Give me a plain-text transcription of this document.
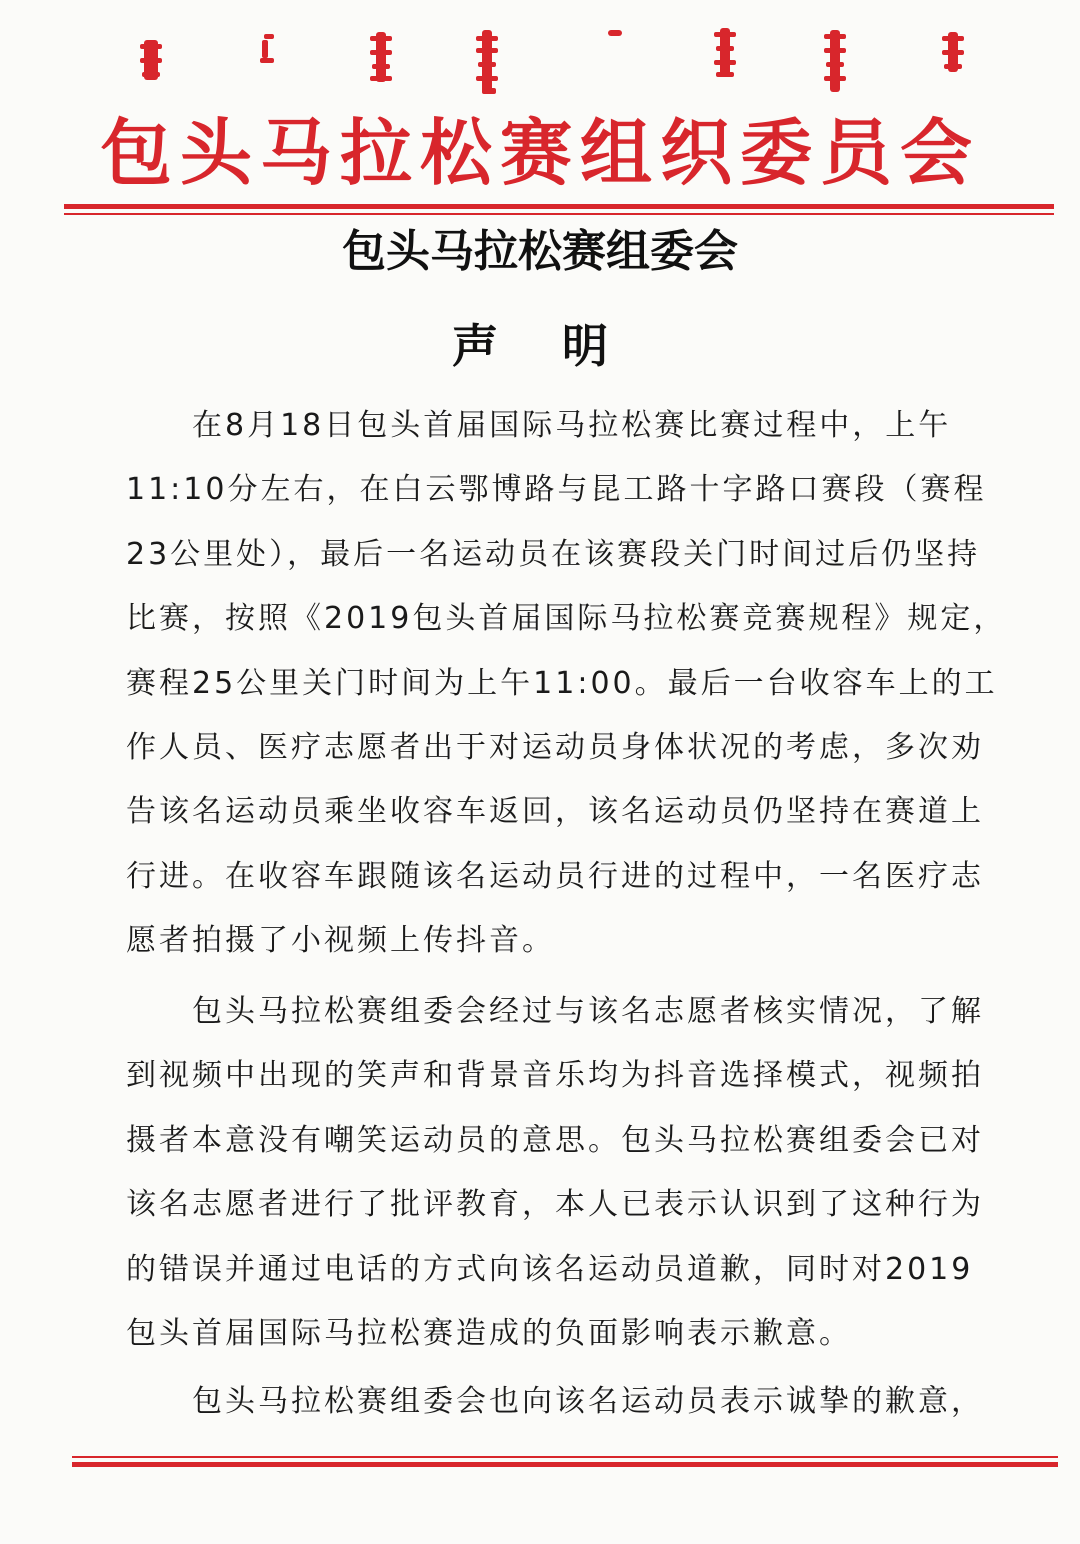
包头马拉松赛组织委员会
包头马拉松赛组委会
声明
在8月18日包头首届国际马拉松赛比赛过程中，上午
11:10分左右，在白云鄂博路与昆工路十字路口赛段（赛程
23公里处），最后一名运动员在该赛段关门时间过后仍坚持
比赛，按照《2019包头首届国际马拉松赛竞赛规程》规定，
赛程25公里关门时间为上午11:00。最后一台收容车上的工
作人员、医疗志愿者出于对运动员身体状况的考虑，多次劝
告该名运动员乘坐收容车返回，该名运动员仍坚持在赛道上
行进。在收容车跟随该名运动员行进的过程中，一名医疗志
愿者拍摄了小视频上传抖音。
包头马拉松赛组委会经过与该名志愿者核实情况，了解
到视频中出现的笑声和背景音乐均为抖音选择模式，视频拍
摄者本意没有嘲笑运动员的意思。包头马拉松赛组委会已对
该名志愿者进行了批评教育，本人已表示认识到了这种行为
的错误并通过电话的方式向该名运动员道歉，同时对2019
包头首届国际马拉松赛造成的负面影响表示歉意。
包头马拉松赛组委会也向该名运动员表示诚挚的歉意，
